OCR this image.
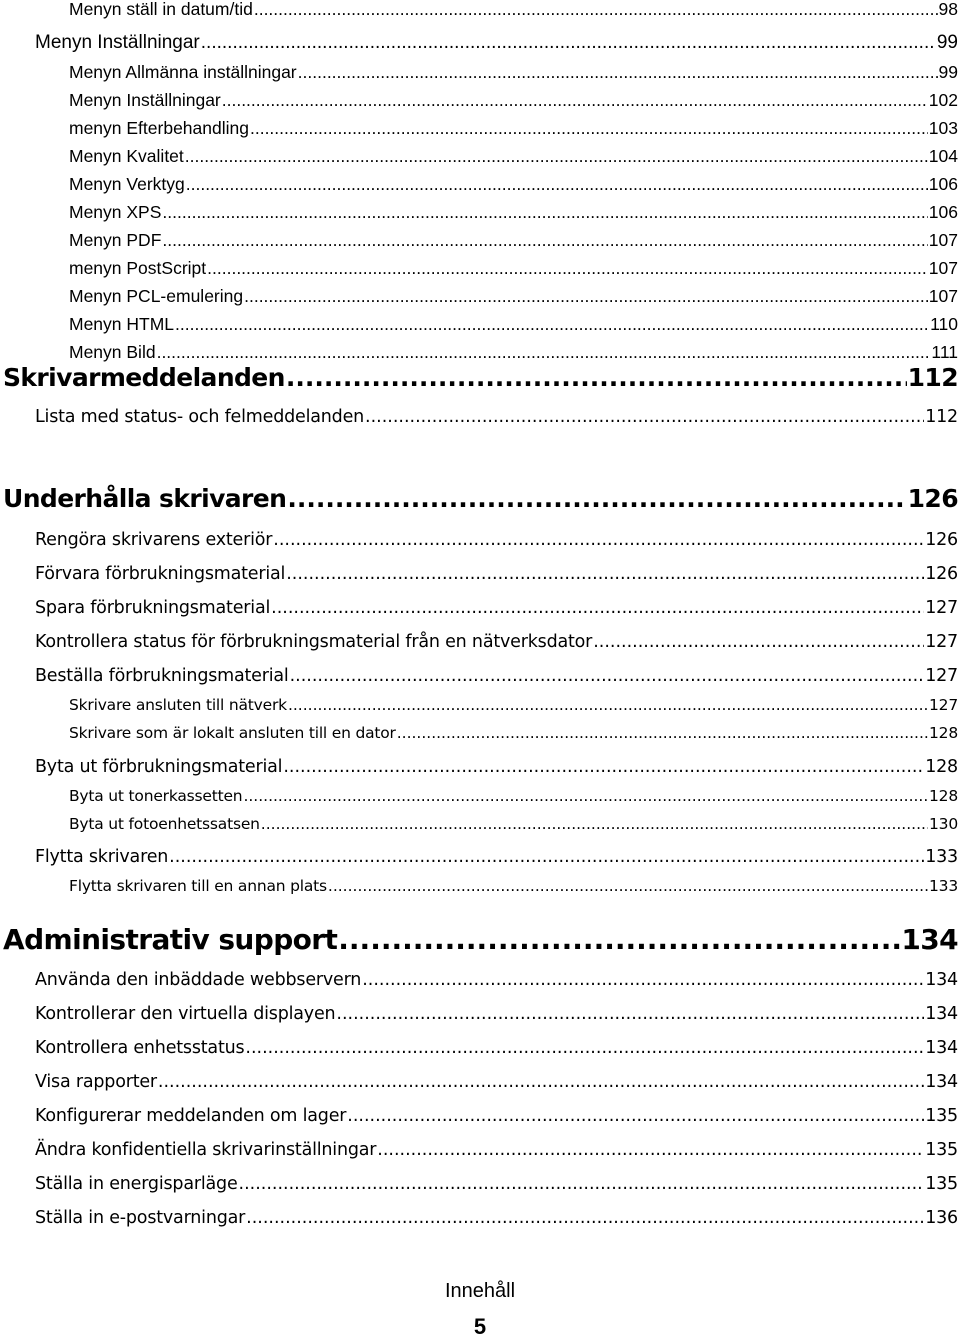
Menyn ställ in datum/tid .....	98
Menyn Inställningar .....	99
Menyn Allmänna inställningar .....	99
Menyn Inställningar .....	102
menyn Efterbehandling .....	103
Menyn Kvalitet .....	104
Menyn Verktyg .....	106
Menyn XPS .....	106
Menyn PDF .....	107
menyn PostScript .....	107
Menyn PCL-emulering .....	107
Menyn HTML .....	110
Menyn Bild .....	111
Skrivarmeddelanden .....	112
Lista med status- och felmeddelanden .....	112
Underhålla skrivaren .....	126
Rengöra skrivarens exteriör .....	126
Förvara förbrukningsmaterial .....	126
Spara förbrukningsmaterial .....	127
Kontrollera status för förbrukningsmaterial från en nätverksdator .....	127
Beställa förbrukningsmaterial .....	127
Skrivare ansluten till nätverk .....	127
Skrivare som är lokalt ansluten till en dator .....	128
Byta ut förbrukningsmaterial .....	128
Byta ut tonerkassetten .....	128
Byta ut fotoenhetssatsen .....	130
Flytta skrivaren .....	133
Flytta skrivaren till en annan plats .....	133
Administrativ support .....	134
Använda den inbäddade webbservern .....	134
Kontrollerar den virtuella displayen .....	134
Kontrollera enhetsstatus .....	134
Visa rapporter .....	134
Konfigurerar meddelanden om lager .....	135
Ändra konfidentiella skrivarinställningar .....	135
Ställa in energisparläge .....	135
Ställa in e-postvarningar .....	136
Innehåll
5
